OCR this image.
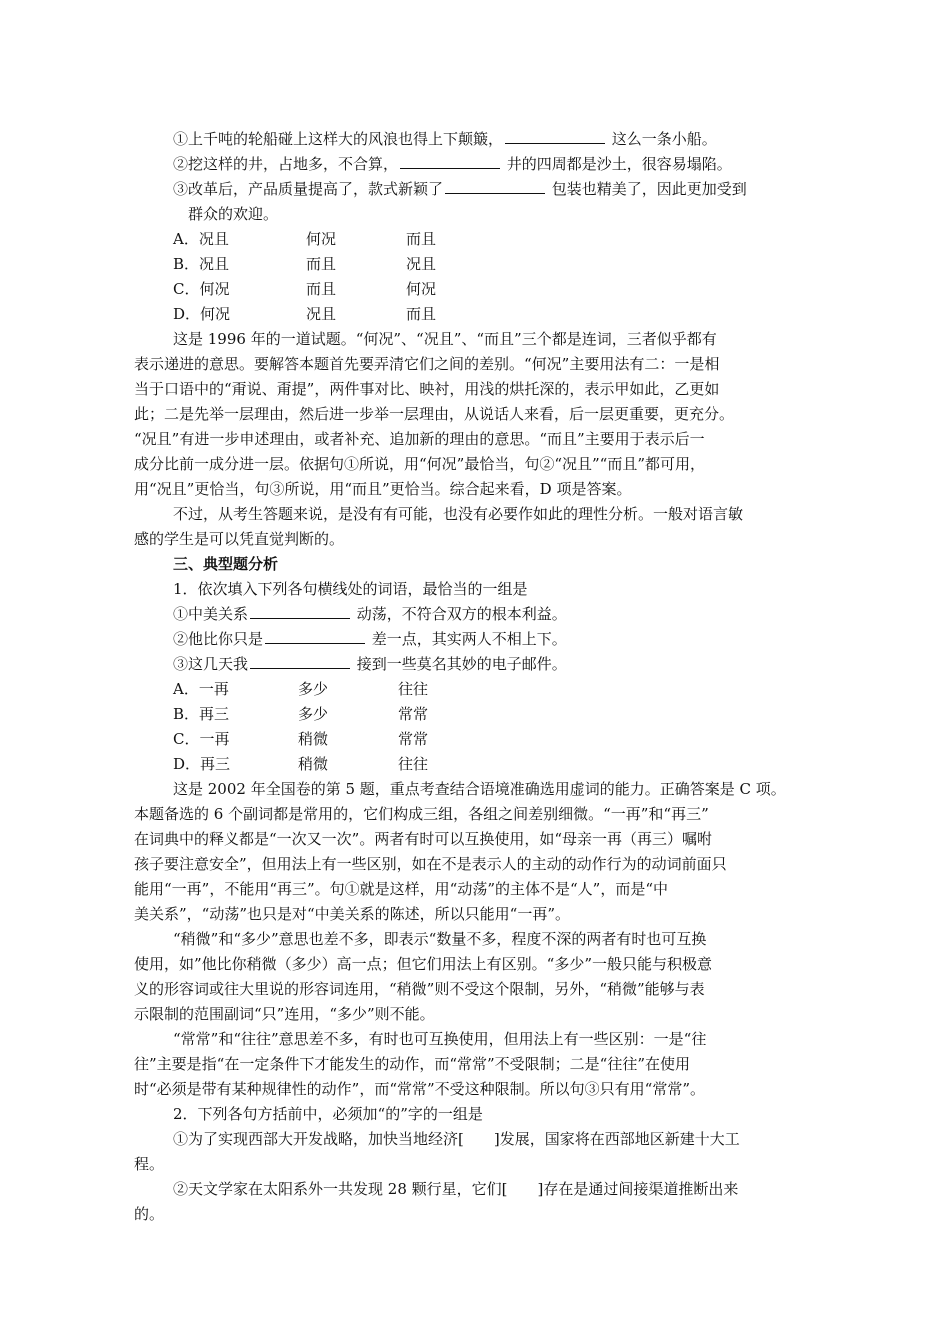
①上千吨的轮船碰上这样大的风浪也得上下颠簸，	这么一条小船。
②挖这样的井，占地多，不合算，	井的四周都是沙土，很容易塌陷。
③改革后，产品质量提高了，款式新颖了	包装也精美了，因此更加受到
群众的欢迎。
A．况且	何况	而且
B．况且	而且	况且
C．何况	而且	何况
D．何况	况且	而且
这是 1996 年的一道试题。“何况”、“况且”、“而且”三个都是连词，三者似乎都有
表示递进的意思。要解答本题首先要弄清它们之间的差别。“何况”主要用法有二：一是相
当于口语中的“甭说、甭提”，两件事对比、映衬，用浅的烘托深的，表示甲如此，乙更如
此；二是先举一层理由，然后进一步举一层理由，从说话人来看，后一层更重要，更充分。
“况且”有进一步申述理由，或者补充、追加新的理由的意思。“而且”主要用于表示后一
成分比前一成分进一层。依据句①所说，用“何况”最恰当，句②“况且”“而且”都可用，
用“况且”更恰当，句③所说，用“而且”更恰当。综合起来看，D 项是答案。
不过，从考生答题来说，是没有有可能，也没有必要作如此的理性分析。一般对语言敏
感的学生是可以凭直觉判断的。
三、典型题分析
1．依次填入下列各句横线处的词语，最恰当的一组是
①中美关系	动荡，不符合双方的根本利益。
②他比你只是	差一点，其实两人不相上下。
③这几天我	接到一些莫名其妙的电子邮件。
A．一再	多少	往往
B．再三	多少	常常
C．一再	稍微	常常
D．再三	稍微	往往
这是 2002 年全国卷的第 5 题，重点考查结合语境准确选用虚词的能力。正确答案是 C 项。
本题备选的 6 个副词都是常用的，它们构成三组，各组之间差别细微。“一再”和“再三”
在词典中的释义都是“一次又一次”。两者有时可以互换使用，如“母亲一再（再三）嘱咐
孩子要注意安全”，但用法上有一些区别，如在不是表示人的主动的动作行为的动词前面只
能用“一再”，不能用“再三”。句①就是这样，用“动荡”的主体不是“人”，而是“中
美关系”，“动荡”也只是对“中美关系的陈述，所以只能用“一再”。
“稍微”和“多少”意思也差不多，即表示“数量不多，程度不深的两者有时也可互换
使用，如”他比你稍微（多少）高一点；但它们用法上有区别。“多少”一般只能与积极意
义的形容词或往大里说的形容词连用，“稍微”则不受这个限制，另外，“稍微”能够与表
示限制的范围副词“只”连用，“多少”则不能。
“常常”和“往往”意思差不多，有时也可互换使用，但用法上有一些区别：一是“往
往”主要是指“在一定条件下才能发生的动作，而“常常”不受限制；二是“往往”在使用
时“必须是带有某种规律性的动作”，而“常常”不受这种限制。所以句③只有用“常常”。
2．下列各句方括前中，必须加“的”字的一组是
①为了实现西部大开发战略，加快当地经济[ ]发展，国家将在西部地区新建十大工
程。
②天文学家在太阳系外一共发现 28 颗行星，它们[ ]存在是通过间接渠道推断出来
的。
